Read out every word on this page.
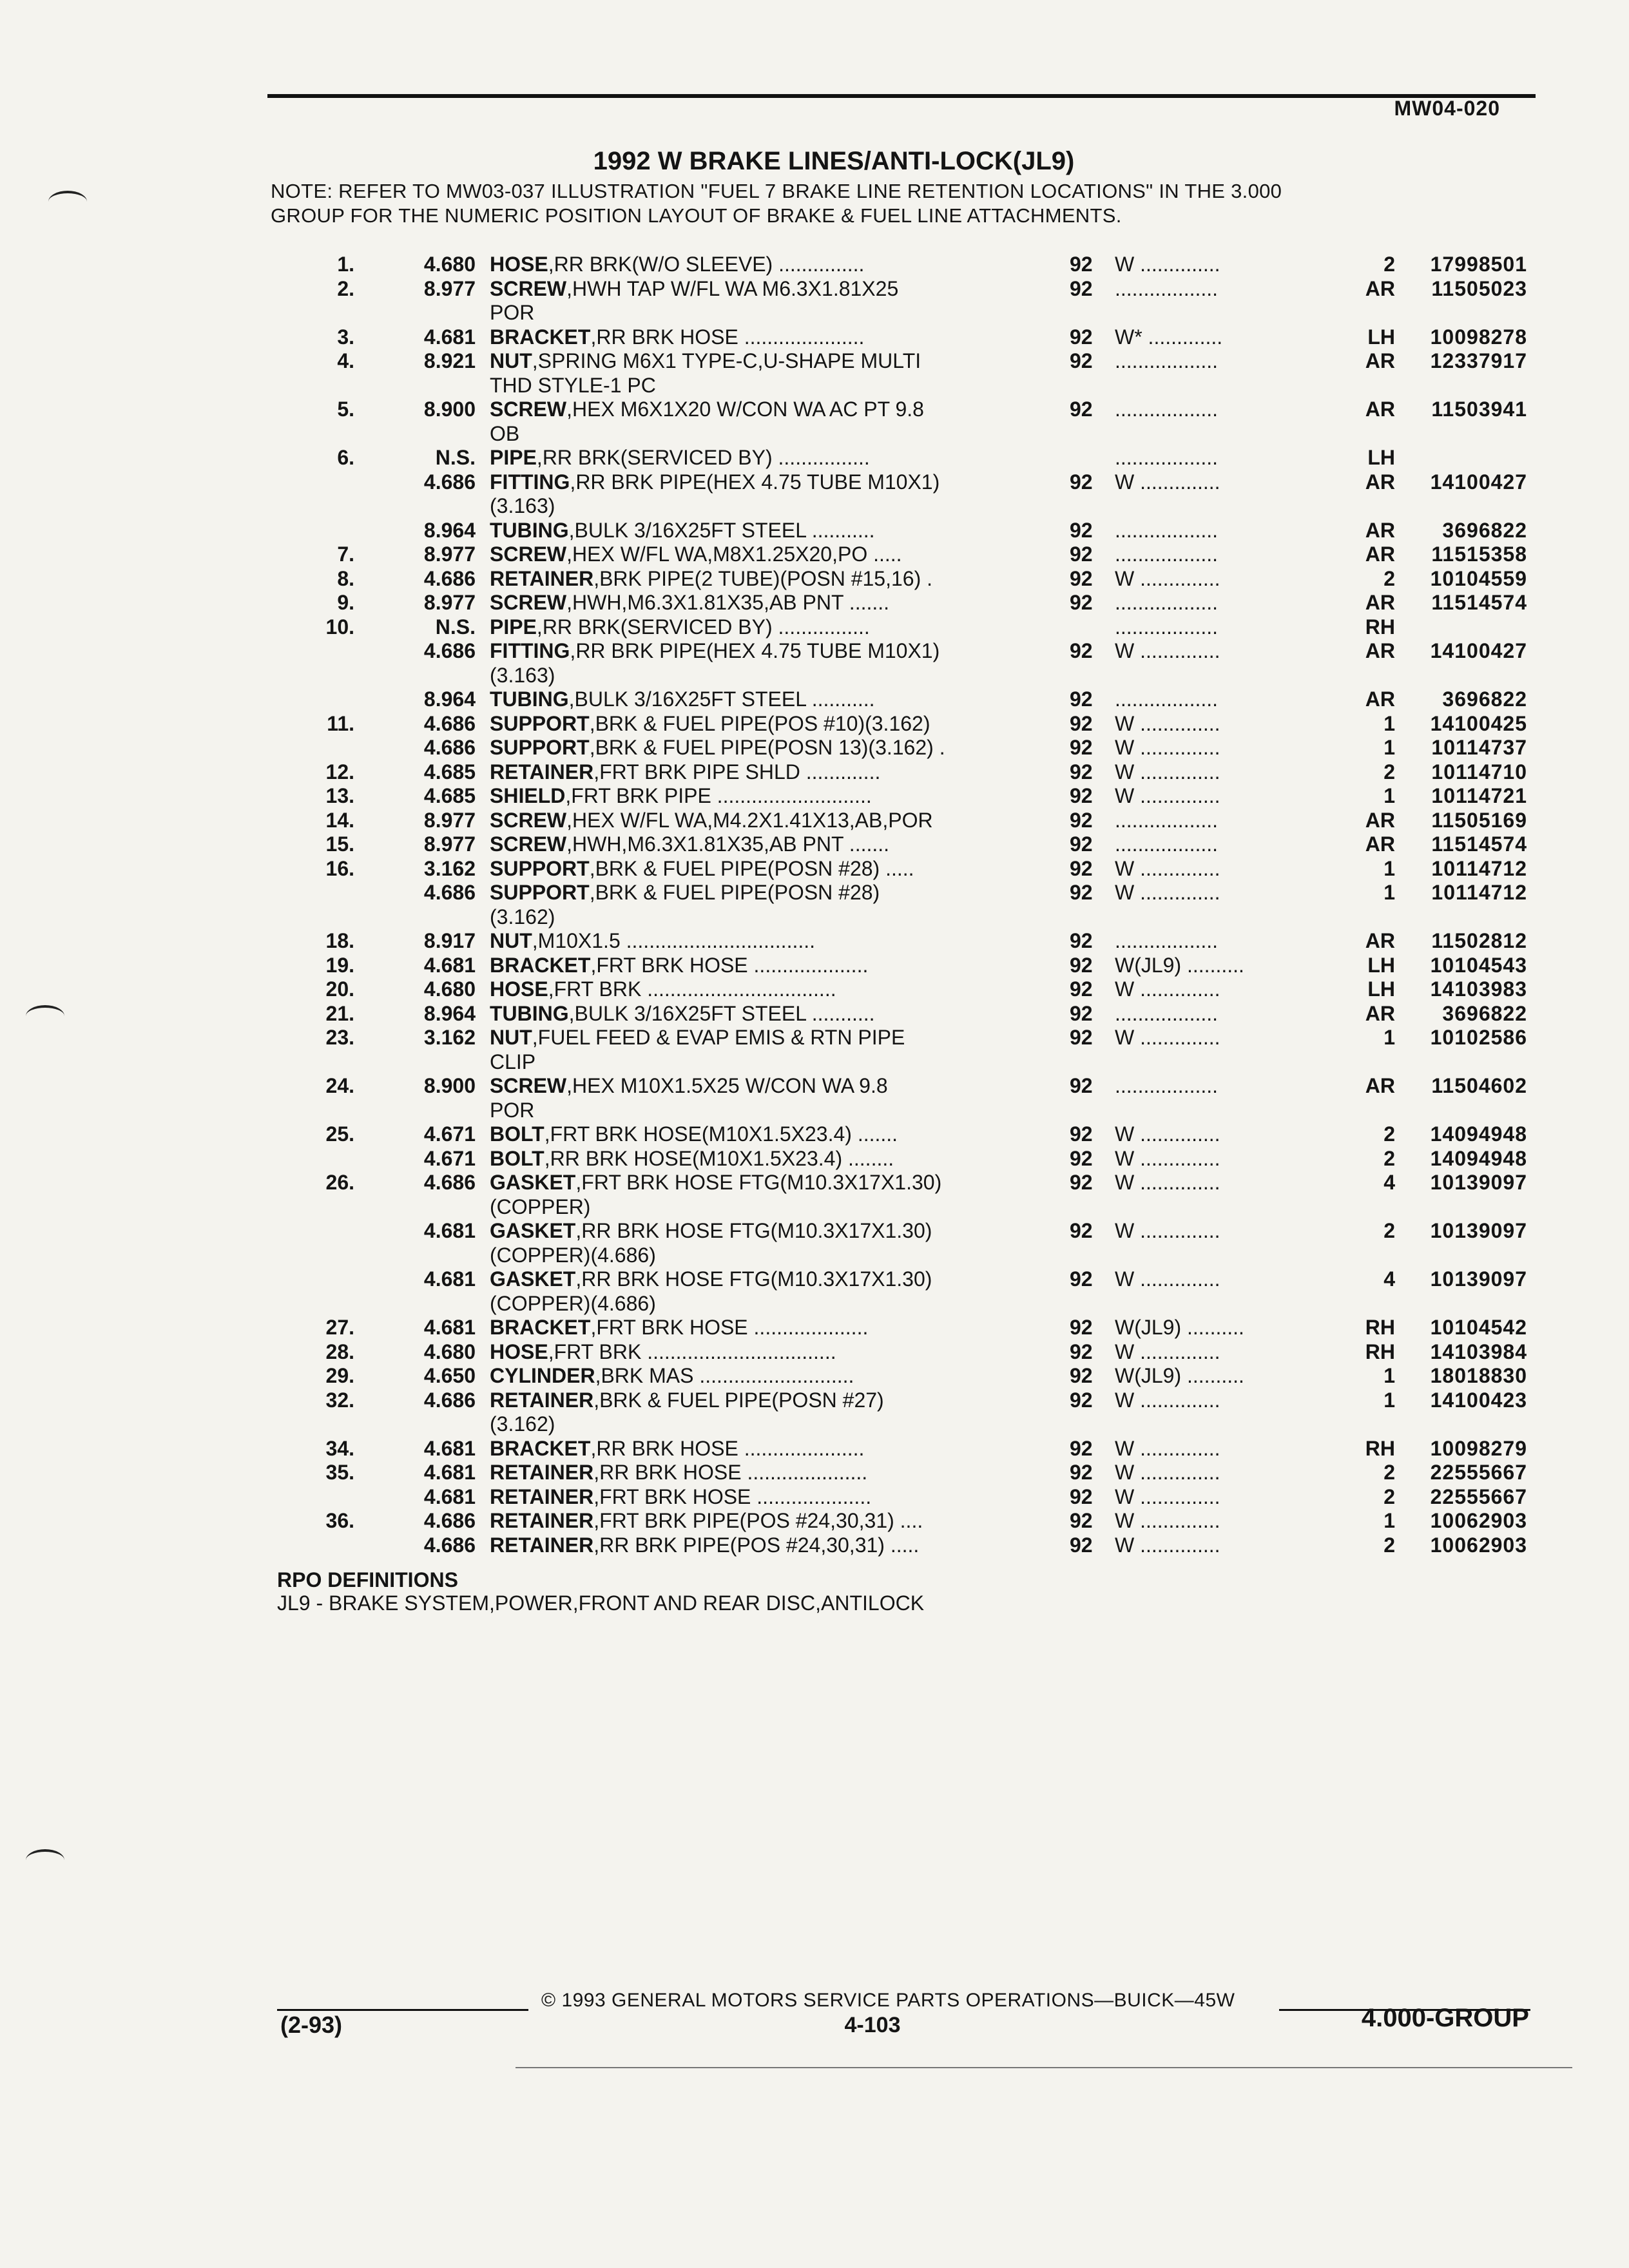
MW04-020
1992 W BRAKE LINES/ANTI-LOCK(JL9)
NOTE: REFER TO MW03-037 ILLUSTRATION "FUEL 7 BRAKE LINE RETENTION LOCATIONS" IN THE 3.000
GROUP FOR THE NUMERIC POSITION LAYOUT OF BRAKE & FUEL LINE ATTACHMENTS.
1.	4.680 HOSE,RR BRK(W/O SLEEVE) ...............	92 W ..............	2	17998501
2.	8.977 SCREW,HWH TAP W/FL WA M6.3X1.81X25	92 ..................	AR	11505023
POR
3.	4.681 BRACKET,RR BRK HOSE .....................	92 W* .............	LH	10098278
4.	8.921 NUT,SPRING M6X1 TYPE-C,U-SHAPE MULTI	92 ..................	AR	12337917
THD STYLE-1 PC
5.	8.900 SCREW,HEX M6X1X20 W/CON WA AC PT 9.8	92 ..................	AR	11503941
OB
6.	N.S. PIPE,RR BRK(SERVICED BY) ................	..................	LH
4.686 FITTING,RR BRK PIPE(HEX 4.75 TUBE M10X1)	92 W ..............	AR	14100427
(3.163)
8.964 TUBING,BULK 3/16X25FT STEEL ...........	92 ..................	AR	3696822
7.	8.977 SCREW,HEX W/FL WA,M8X1.25X20,PO .....	92 ..................	AR	11515358
8.	4.686 RETAINER,BRK PIPE(2 TUBE)(POSN #15,16) .	92 W ..............	2	10104559
9.	8.977 SCREW,HWH,M6.3X1.81X35,AB PNT .......	92 ..................	AR	11514574
10.	N.S. PIPE,RR BRK(SERVICED BY) ................	..................	RH
4.686 FITTING,RR BRK PIPE(HEX 4.75 TUBE M10X1)	92 W ..............	AR	14100427
(3.163)
8.964 TUBING,BULK 3/16X25FT STEEL ...........	92 ..................	AR	3696822
11.	4.686 SUPPORT,BRK & FUEL PIPE(POS #10)(3.162)	92 W ..............	1	14100425
4.686 SUPPORT,BRK & FUEL PIPE(POSN 13)(3.162) .	92 W ..............	1	10114737
12.	4.685 RETAINER,FRT BRK PIPE SHLD .............	92 W ..............	2	10114710
13.	4.685 SHIELD,FRT BRK PIPE ...........................	92 W ..............	1	10114721
14.	8.977 SCREW,HEX W/FL WA,M4.2X1.41X13,AB,POR	92 ..................	AR	11505169
15.	8.977 SCREW,HWH,M6.3X1.81X35,AB PNT .......	92 ..................	AR	11514574
16.	3.162 SUPPORT,BRK & FUEL PIPE(POSN #28) .....	92 W ..............	1	10114712
4.686 SUPPORT,BRK & FUEL PIPE(POSN #28)	92 W ..............	1	10114712
(3.162)
18.	8.917 NUT,M10X1.5 .................................	92 ..................	AR	11502812
19.	4.681 BRACKET,FRT BRK HOSE ....................	92 W(JL9) ..........	LH	10104543
20.	4.680 HOSE,FRT BRK .................................	92 W ..............	LH	14103983
21.	8.964 TUBING,BULK 3/16X25FT STEEL ...........	92 ..................	AR	3696822
23.	3.162 NUT,FUEL FEED & EVAP EMIS & RTN PIPE	92 W ..............	1	10102586
CLIP
24.	8.900 SCREW,HEX M10X1.5X25 W/CON WA 9.8	92 ..................	AR	11504602
POR
25.	4.671 BOLT,FRT BRK HOSE(M10X1.5X23.4) .......	92 W ..............	2	14094948
4.671 BOLT,RR BRK HOSE(M10X1.5X23.4) ........	92 W ..............	2	14094948
26.	4.686 GASKET,FRT BRK HOSE FTG(M10.3X17X1.30)	92 W ..............	4	10139097
(COPPER)
4.681 GASKET,RR BRK HOSE FTG(M10.3X17X1.30)	92 W ..............	2	10139097
(COPPER)(4.686)
4.681 GASKET,RR BRK HOSE FTG(M10.3X17X1.30)	92 W ..............	4	10139097
(COPPER)(4.686)
27.	4.681 BRACKET,FRT BRK HOSE ....................	92 W(JL9) ..........	RH	10104542
28.	4.680 HOSE,FRT BRK .................................	92 W ..............	RH	14103984
29.	4.650 CYLINDER,BRK MAS ...........................	92 W(JL9) ..........	1	18018830
32.	4.686 RETAINER,BRK & FUEL PIPE(POSN #27)	92 W ..............	1	14100423
(3.162)
34.	4.681 BRACKET,RR BRK HOSE .....................	92 W ..............	RH	10098279
35.	4.681 RETAINER,RR BRK HOSE .....................	92 W ..............	2	22555667
4.681 RETAINER,FRT BRK HOSE ....................	92 W ..............	2	22555667
36.	4.686 RETAINER,FRT BRK PIPE(POS #24,30,31) ....	92 W ..............	1	10062903
4.686 RETAINER,RR BRK PIPE(POS #24,30,31) .....	92 W ..............	2	10062903
RPO DEFINITIONS
JL9 - BRAKE SYSTEM,POWER,FRONT AND REAR DISC,ANTILOCK
© 1993 GENERAL MOTORS SERVICE PARTS OPERATIONS—BUICK—45W
(2-93)	4-103	4.000-GROUP
